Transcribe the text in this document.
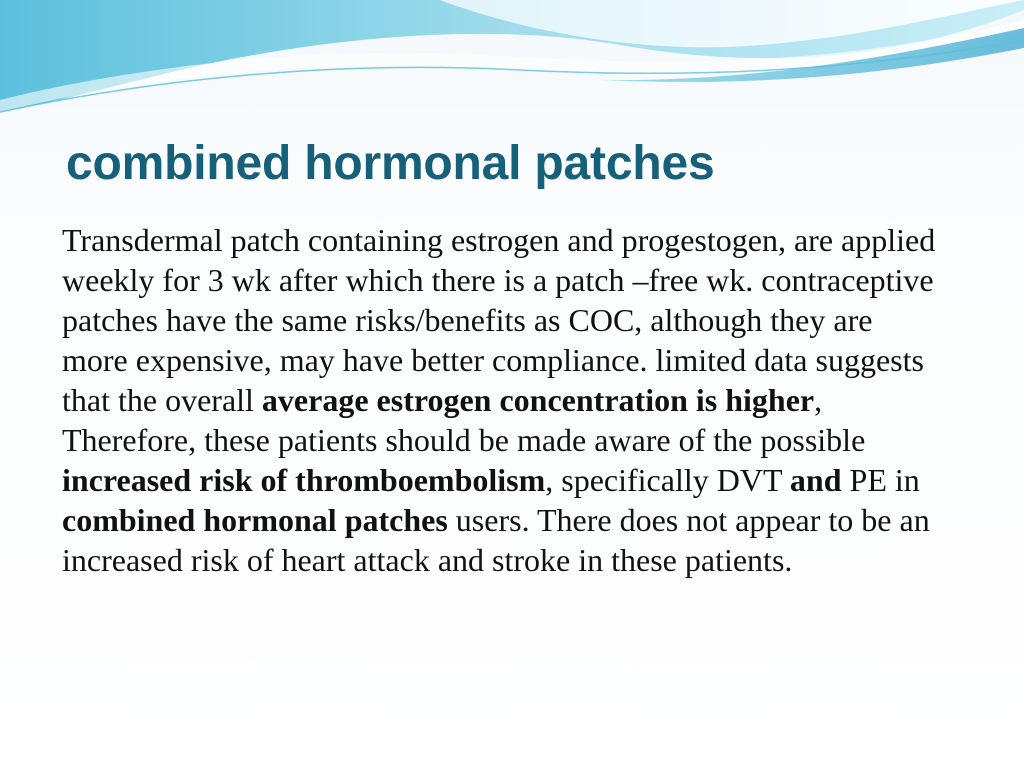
combined hormonal patches

Transdermal patch containing estrogen and progestogen, are applied weekly for 3 wk after which there is a patch –free wk. contraceptive patches have the same risks/benefits as COC, although they are more expensive, may have better compliance. limited data suggests that the overall average estrogen concentration is higher, Therefore, these patients should be made aware of the possible increased risk of thromboembolism, specifically DVT and PE in combined hormonal patches users. There does not appear to be an increased risk of heart attack and stroke in these patients.
